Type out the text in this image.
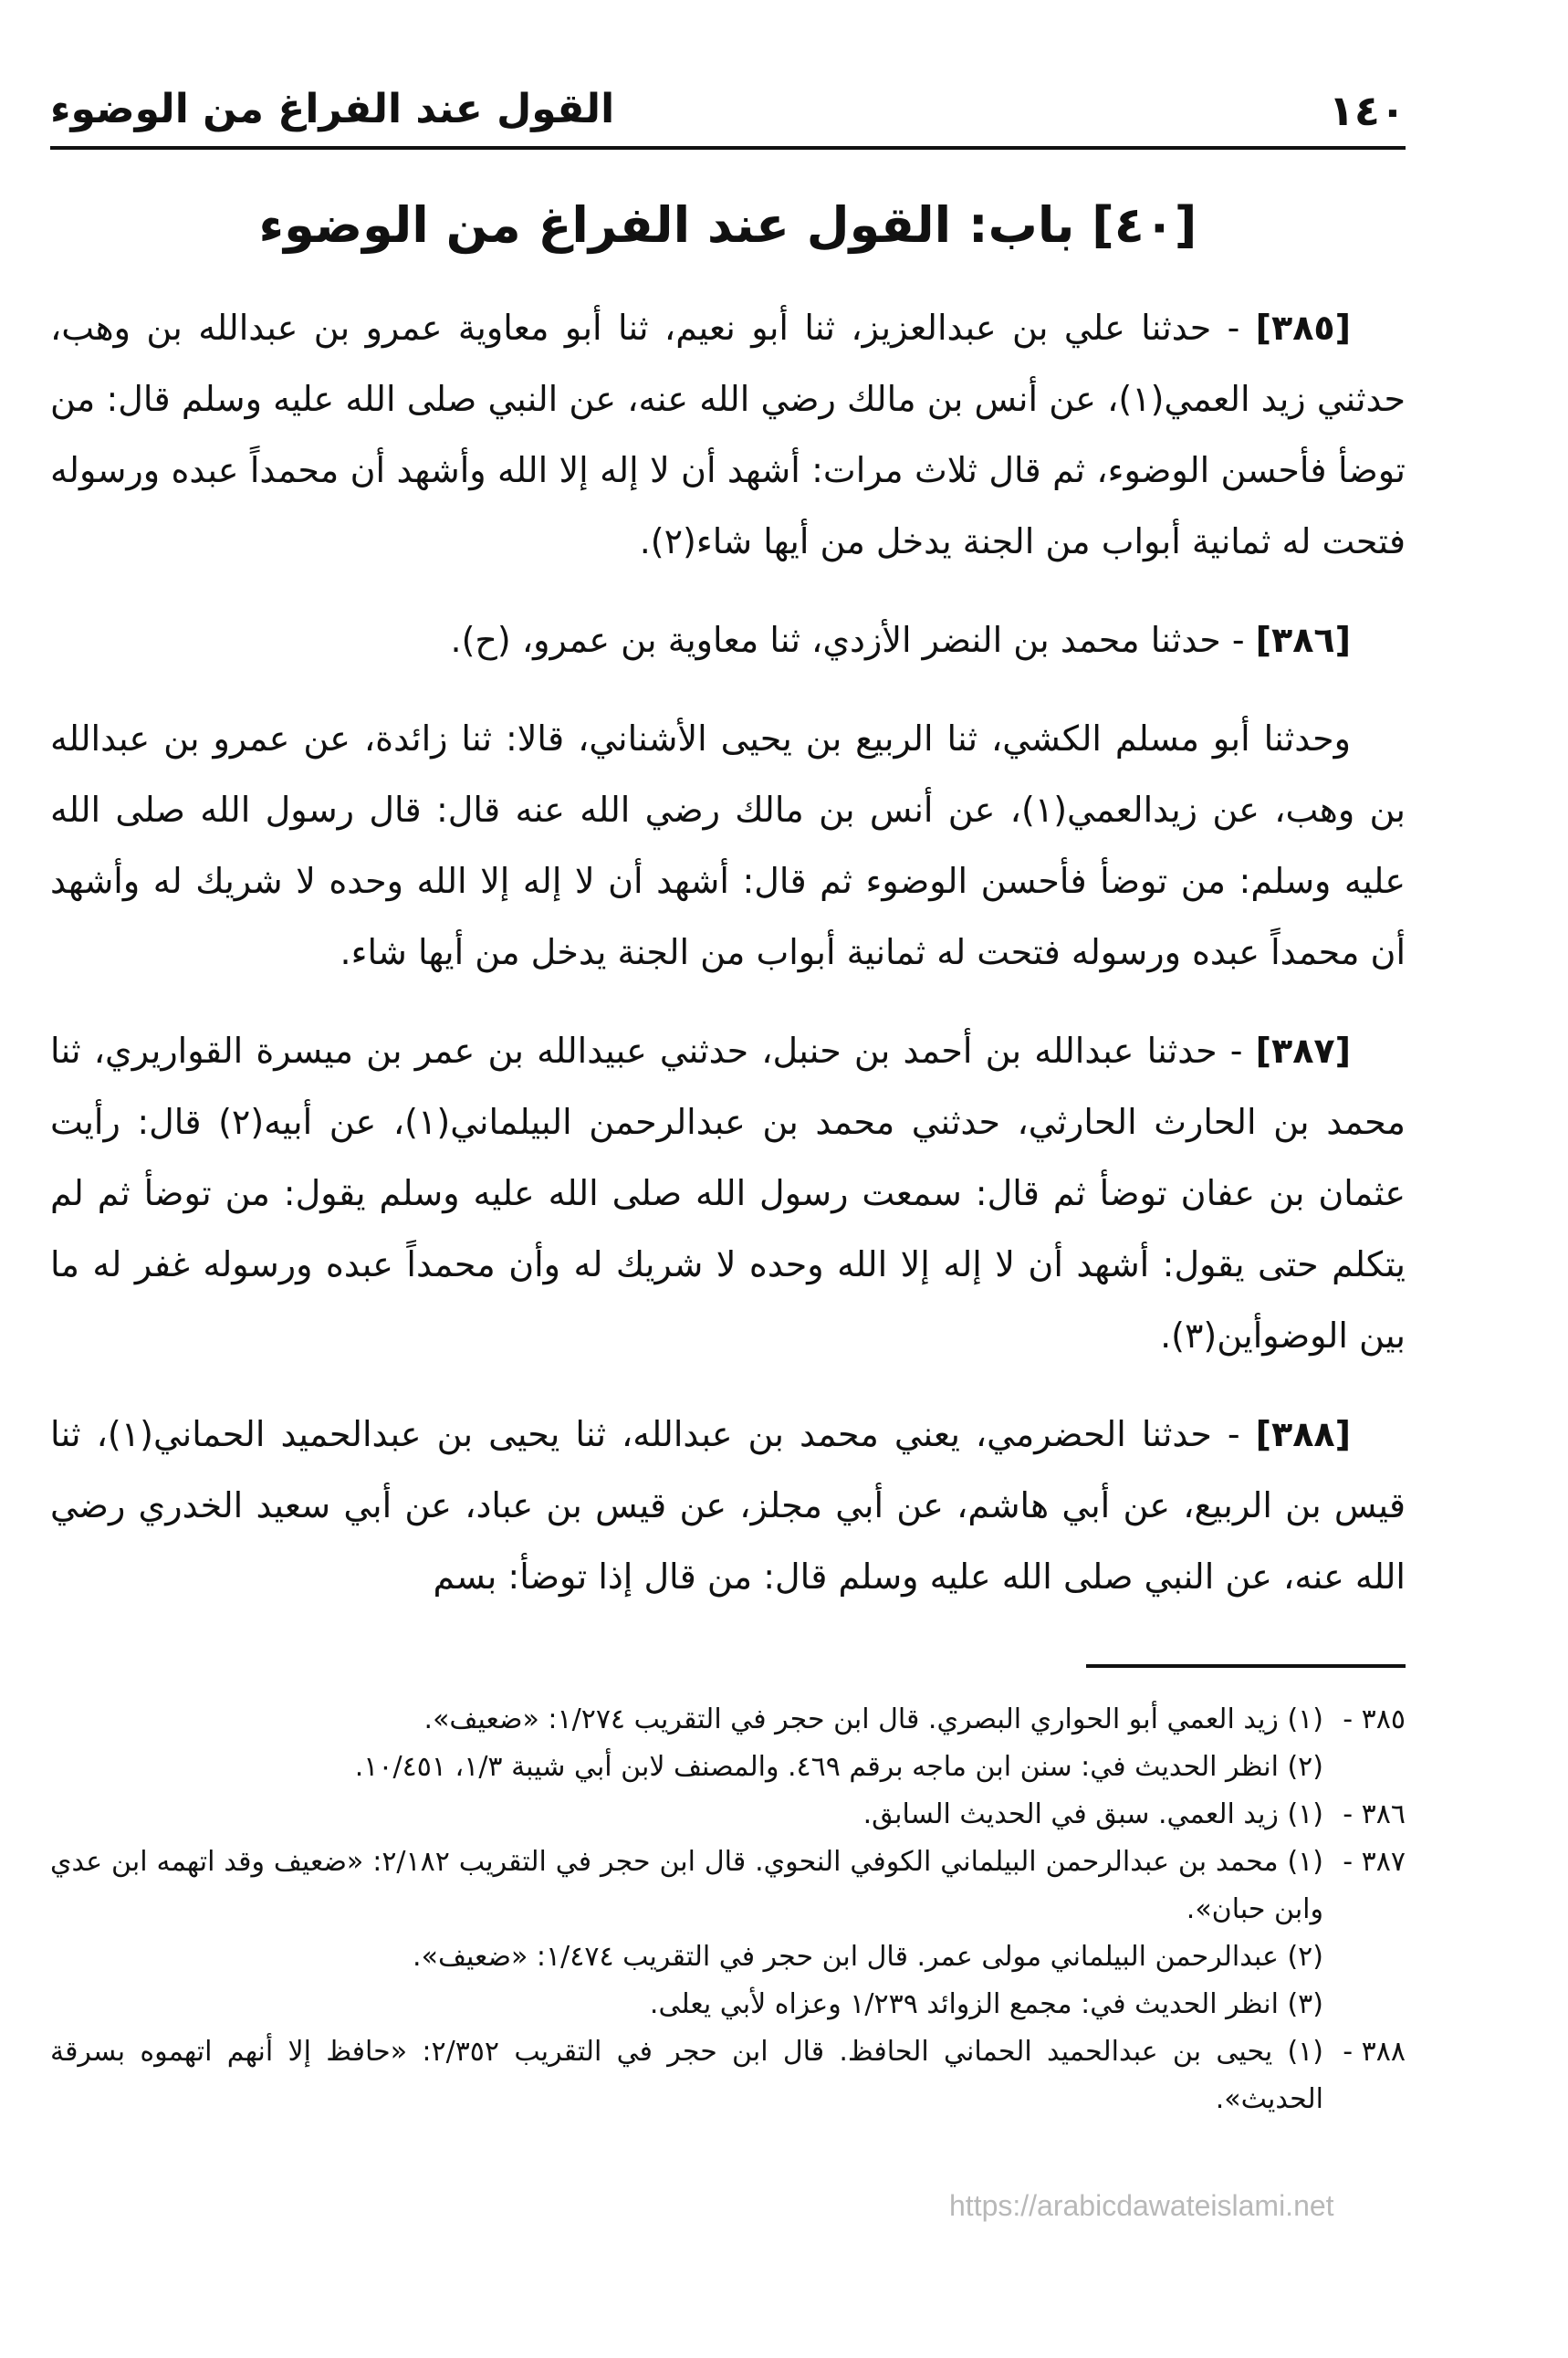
١٤٠
القول عند الفراغ من الوضوء
[٤٠] باب: القول عند الفراغ من الوضوء

[٣٨٥] - حدثنا علي بن عبدالعزيز، ثنا أبو نعيم، ثنا أبو معاوية عمرو بن عبدالله بن وهب، حدثني زيد العمي(١)، عن أنس بن مالك رضي الله عنه، عن النبي صلى الله عليه وسلم قال: من توضأ فأحسن الوضوء، ثم قال ثلاث مرات: أشهد أن لا إله إلا الله وأشهد أن محمداً عبده ورسوله فتحت له ثمانية أبواب من الجنة يدخل من أيها شاء(٢).

[٣٨٦] - حدثنا محمد بن النضر الأزدي، ثنا معاوية بن عمرو، (ح).

وحدثنا أبو مسلم الكشي، ثنا الربيع بن يحيى الأشناني، قالا: ثنا زائدة، عن عمرو بن عبدالله بن وهب، عن زيدالعمي(١)، عن أنس بن مالك رضي الله عنه قال: قال رسول الله صلى الله عليه وسلم: من توضأ فأحسن الوضوء ثم قال: أشهد أن لا إله إلا الله وحده لا شريك له وأشهد أن محمداً عبده ورسوله فتحت له ثمانية أبواب من الجنة يدخل من أيها شاء.

[٣٨٧] - حدثنا عبدالله بن أحمد بن حنبل، حدثني عبيدالله بن عمر بن ميسرة القواريري، ثنا محمد بن الحارث الحارثي، حدثني محمد بن عبدالرحمن البيلماني(١)، عن أبيه(٢) قال: رأيت عثمان بن عفان توضأ ثم قال: سمعت رسول الله صلى الله عليه وسلم يقول: من توضأ ثم لم يتكلم حتى يقول: أشهد أن لا إله إلا الله وحده لا شريك له وأن محمداً عبده ورسوله غفر له ما بين الوضوأين(٣).

[٣٨٨] - حدثنا الحضرمي، يعني محمد بن عبدالله، ثنا يحيى بن عبدالحميد الحماني(١)، ثنا قيس بن الربيع، عن أبي هاشم، عن أبي مجلز، عن قيس بن عباد، عن أبي سعيد الخدري رضي الله عنه، عن النبي صلى الله عليه وسلم قال: من قال إذا توضأ: بسم

٣٨٥ -
(١) زيد العمي أبو الحواري البصري. قال ابن حجر في التقريب ١/٢٧٤: «ضعيف».
(٢) انظر الحديث في: سنن ابن ماجه برقم ٤٦٩. والمصنف لابن أبي شيبة ١/٣، ١٠/٤٥١.
٣٨٦ -
(١) زيد العمي. سبق في الحديث السابق.
٣٨٧ -
(١) محمد بن عبدالرحمن البيلماني الكوفي النحوي. قال ابن حجر في التقريب ٢/١٨٢: «ضعيف وقد اتهمه ابن عدي وابن حبان».
(٢) عبدالرحمن البيلماني مولى عمر. قال ابن حجر في التقريب ١/٤٧٤: «ضعيف».
(٣) انظر الحديث في: مجمع الزوائد ١/٢٣٩ وعزاه لأبي يعلى.
٣٨٨ -
(١) يحيى بن عبدالحميد الحماني الحافظ. قال ابن حجر في التقريب ٢/٣٥٢: «حافظ إلا أنهم اتهموه بسرقة الحديث».
https://arabicdawateislami.net
